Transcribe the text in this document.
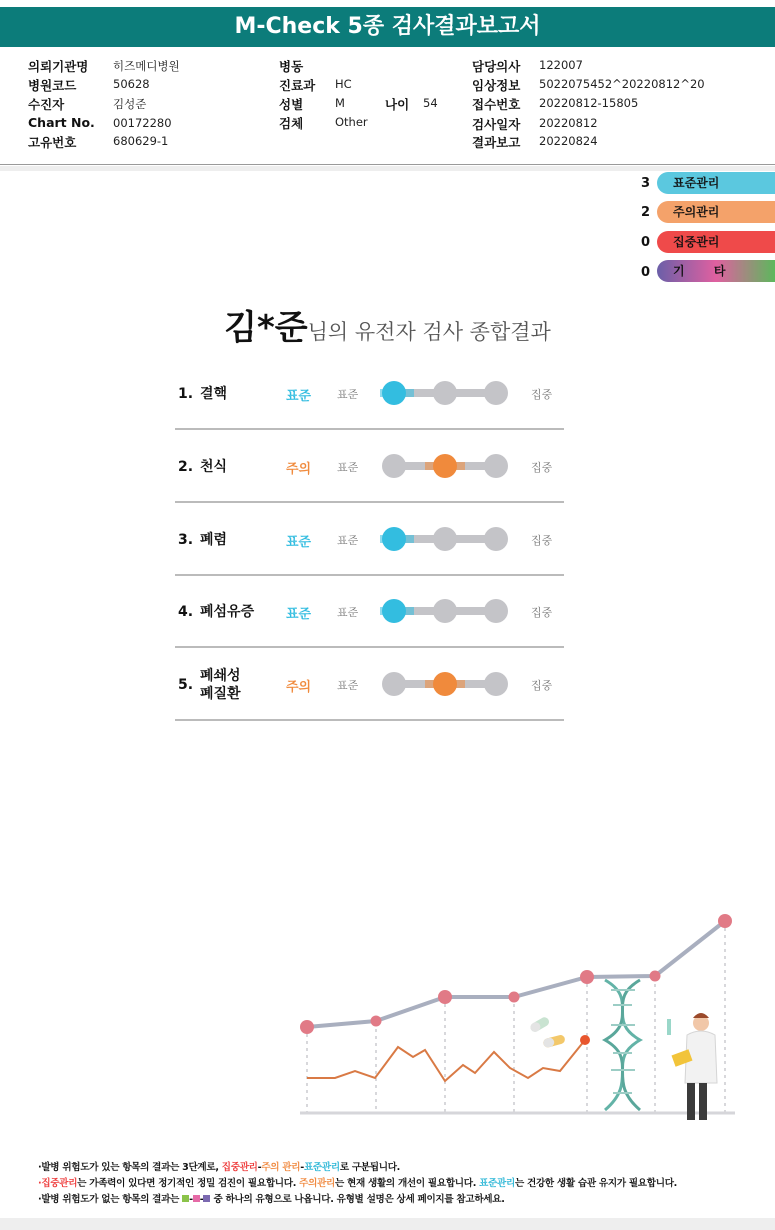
M-Check 5종 검사결과보고서
의뢰기관명 히즈메디병원
병원코드	50628
수진자	김성준
Chart No. 00172280
고유번호	680629-1
병동
진료과 HC
성별	M	나이 54
검체	Other
담당의사 122007
임상정보 5022075452^20220812^20
접수번호 20220812-15805
검사일자 20220812
결과보고 20220824
3 표준관리
2 주의관리
0 집중관리
0 기       타
김*준님의 유전자 검사 종합결과
1. 결핵	표준 표준	집중
2. 천식	주의 표준	집중
3. 폐렴	표준 표준	집중
4. 폐섬유증 표준 표준	집중
5.
폐쇄성
폐질환	주의 표준	집중
·발병 위험도가 있는 항목의 결과는 3단계로, 집중관리-주의 관리-표준관리로 구분됩니다.
·집중관리는 가족력이 있다면 정기적인 정밀 검진이 필요합니다. 주의관리는 현재 생활의 개선이 필요합니다. 표준관리는 건강한 생활 습관 유지가 필요합니다.
·발병 위험도가 없는 항목의 결과는 - - 중 하나의 유형으로 나옵니다. 유형별 설명은 상세 페이지를 참고하세요.
